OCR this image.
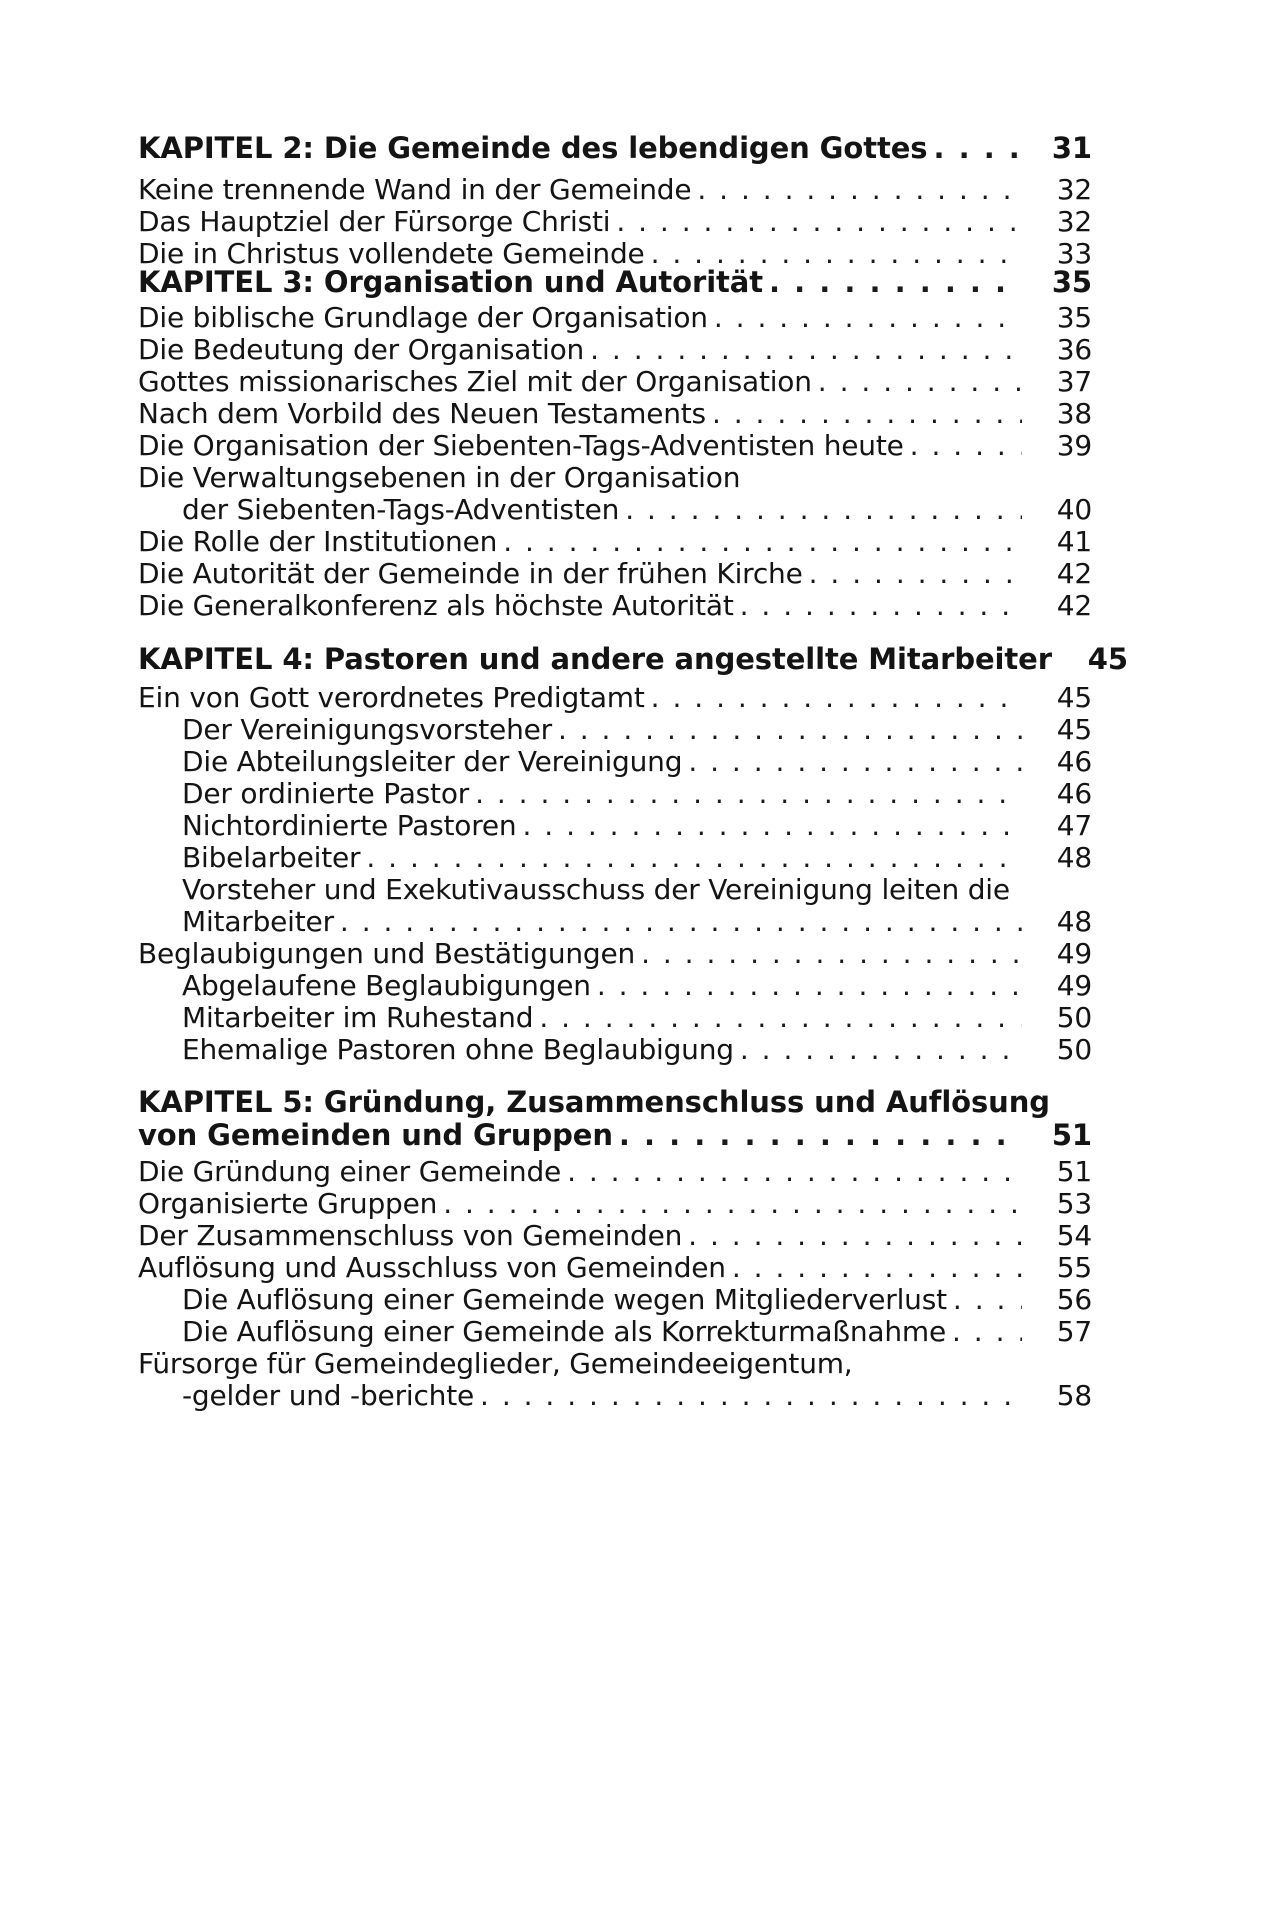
KAPITEL 2: Die Gemeinde des lebendigen Gottes . . .	31
Keine trennende Wand in der Gemeinde . . .	32
Das Hauptziel der Fürsorge Christi . . .	32
Die in Christus vollendete Gemeinde . . .	33
KAPITEL 3: Organisation und Autorität . . .	35
Die biblische Grundlage der Organisation . . .	35
Die Bedeutung der Organisation . . .	36
Gottes missionarisches Ziel mit der Organisation . . .	37
Nach dem Vorbild des Neuen Testaments . . .	38
Die Organisation der Siebenten-Tags-Adventisten heute . . .	39
Die Verwaltungsebenen in der Organisation
der Siebenten-Tags-Adventisten . . .	40
Die Rolle der Institutionen . . .	41
Die Autorität der Gemeinde in der frühen Kirche . . .	42
Die Generalkonferenz als höchste Autorität . . .	42
KAPITEL 4: Pastoren und andere angestellte Mitarbeiter	45
Ein von Gott verordnetes Predigtamt . . .	45
Der Vereinigungsvorsteher . . .	45
Die Abteilungsleiter der Vereinigung . . .	46
Der ordinierte Pastor . . .	46
Nichtordinierte Pastoren . . .	47
Bibelarbeiter . . .	48
Vorsteher und Exekutivausschuss der Vereinigung leiten die
Mitarbeiter . . .	48
Beglaubigungen und Bestätigungen . . .	49
Abgelaufene Beglaubigungen . . .	49
Mitarbeiter im Ruhestand . . .	50
Ehemalige Pastoren ohne Beglaubigung . . .	50
KAPITEL 5: Gründung, Zusammenschluss und Auflösung
von Gemeinden und Gruppen . . .	51
Die Gründung einer Gemeinde . . .	51
Organisierte Gruppen . . .	53
Der Zusammenschluss von Gemeinden . . .	54
Auflösung und Ausschluss von Gemeinden . . .	55
Die Auflösung einer Gemeinde wegen Mitgliederverlust . . .	56
Die Auflösung einer Gemeinde als Korrekturmaßnahme . . .	57
Fürsorge für Gemeindeglieder, Gemeindeeigentum,
-gelder und -berichte . . .	58
